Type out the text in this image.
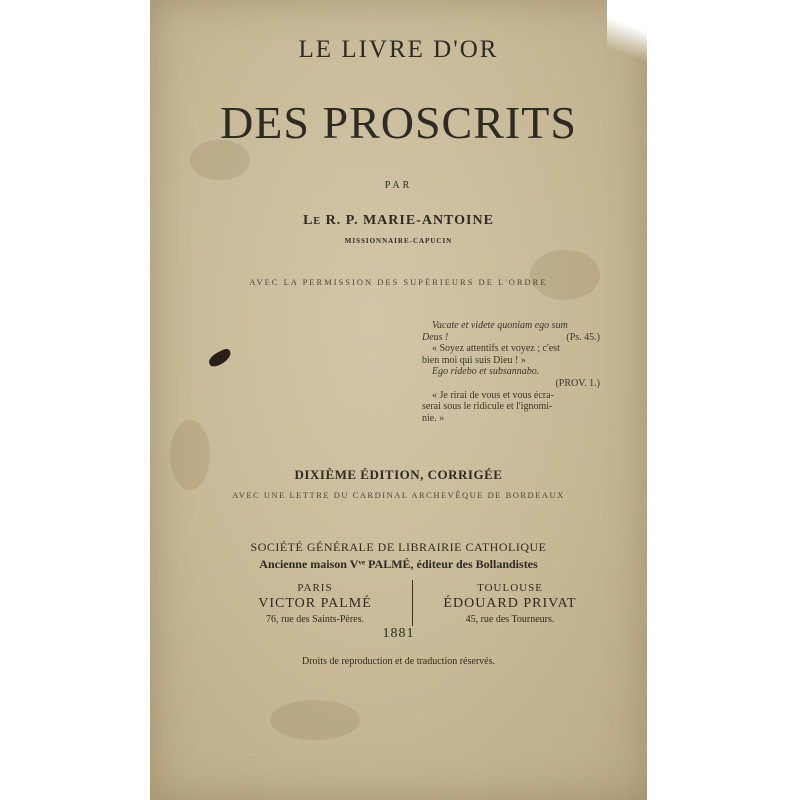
LE LIVRE D'OR
DES PROSCRITS
PAR
Le R. P. MARIE-ANTOINE
MISSIONNAIRE-CAPUCIN
AVEC LA PERMISSION DES SUPÉRIEURS DE L'ORDRE
Vacate et videte quoniam ego sum
Deus !	(Ps. 45.)
« Soyez attentifs et voyez ; c'est
bien moi qui suis Dieu ! »
Ego ridebo et subsannabo.
(PROV. 1.)
« Je rirai de vous et vous écra-
serai sous le ridicule et l'ignomi-
nie. »
DIXIÈME ÉDITION, CORRIGÉE
AVEC UNE LETTRE DU CARDINAL ARCHEVÊQUE DE BORDEAUX
SOCIÉTÉ GÉNÉRALE DE LIBRAIRIE CATHOLIQUE
Ancienne maison Vᵛᵉ PALMÉ, éditeur des Bollandistes
PARIS
VICTOR PALMÉ
76, rue des Saints-Pères.
TOULOUSE
ÉDOUARD PRIVAT
45, rue des Tourneurs.
1881
Droits de reproduction et de traduction réservés.
